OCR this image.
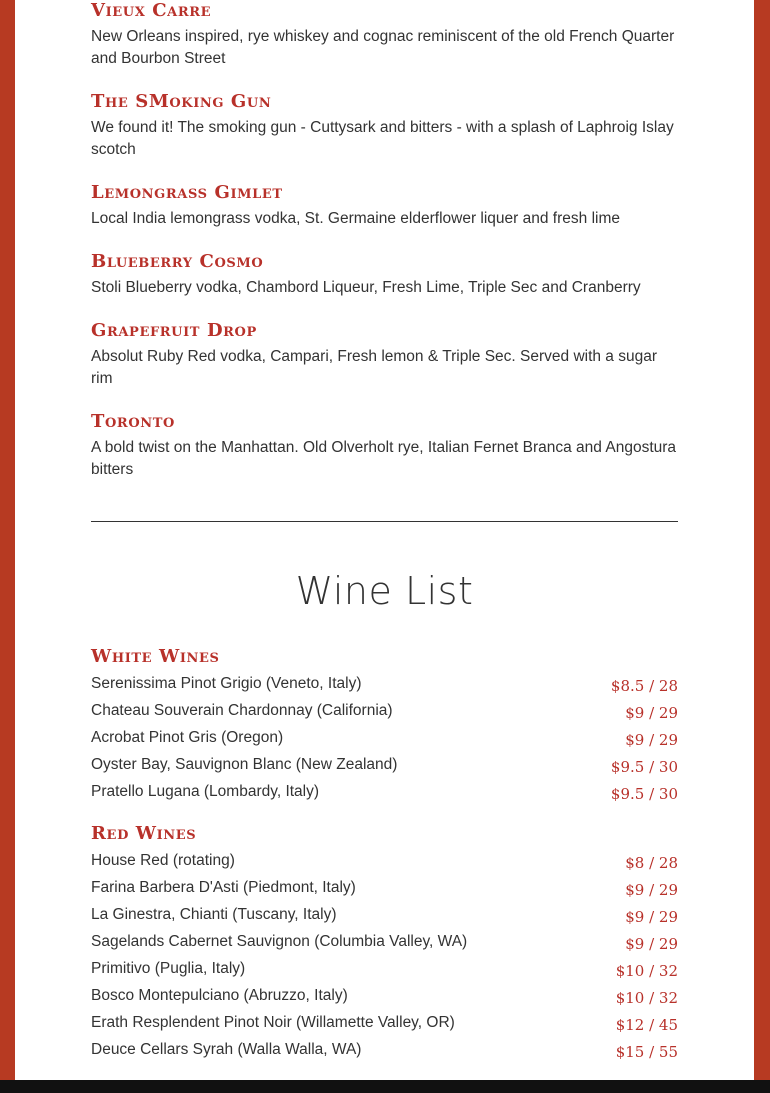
Vieux Carre

New Orleans inspired, rye whiskey and cognac reminiscent of the old French Quarter and Bourbon Street

The SMoking Gun

We found it! The smoking gun - Cuttysark and bitters - with a splash of Laphroig Islay scotch

Lemongrass Gimlet

Local India lemongrass vodka, St. Germaine elderflower liquer and fresh lime

Blueberry Cosmo

Stoli Blueberry vodka, Chambord Liqueur, Fresh Lime, Triple Sec and Cranberry

Grapefruit Drop

Absolut Ruby Red vodka, Campari, Fresh lemon & Triple Sec. Served with a sugar rim

Toronto

A bold twist on the Manhattan. Old Olverholt rye, Italian Fernet Branca and Angostura bitters

Wine List
White Wines
Serenissima Pinot Grigio (Veneto, Italy)	$8.5 / 28
Chateau Souverain Chardonnay (California)	$9 / 29
Acrobat Pinot Gris (Oregon)	$9 / 29
Oyster Bay, Sauvignon Blanc (New Zealand)	$9.5 / 30
Pratello Lugana (Lombardy, Italy)	$9.5 / 30
Red Wines
House Red (rotating)	$8 / 28
Farina Barbera D'Asti (Piedmont, Italy)	$9 / 29
La Ginestra, Chianti (Tuscany, Italy)	$9 / 29
Sagelands Cabernet Sauvignon (Columbia Valley, WA)	$9 / 29
Primitivo (Puglia, Italy)	$10 / 32
Bosco Montepulciano (Abruzzo, Italy)	$10 / 32
Erath Resplendent Pinot Noir (Willamette Valley, OR)	$12 / 45
Deuce Cellars Syrah (Walla Walla, WA)	$15 / 55
